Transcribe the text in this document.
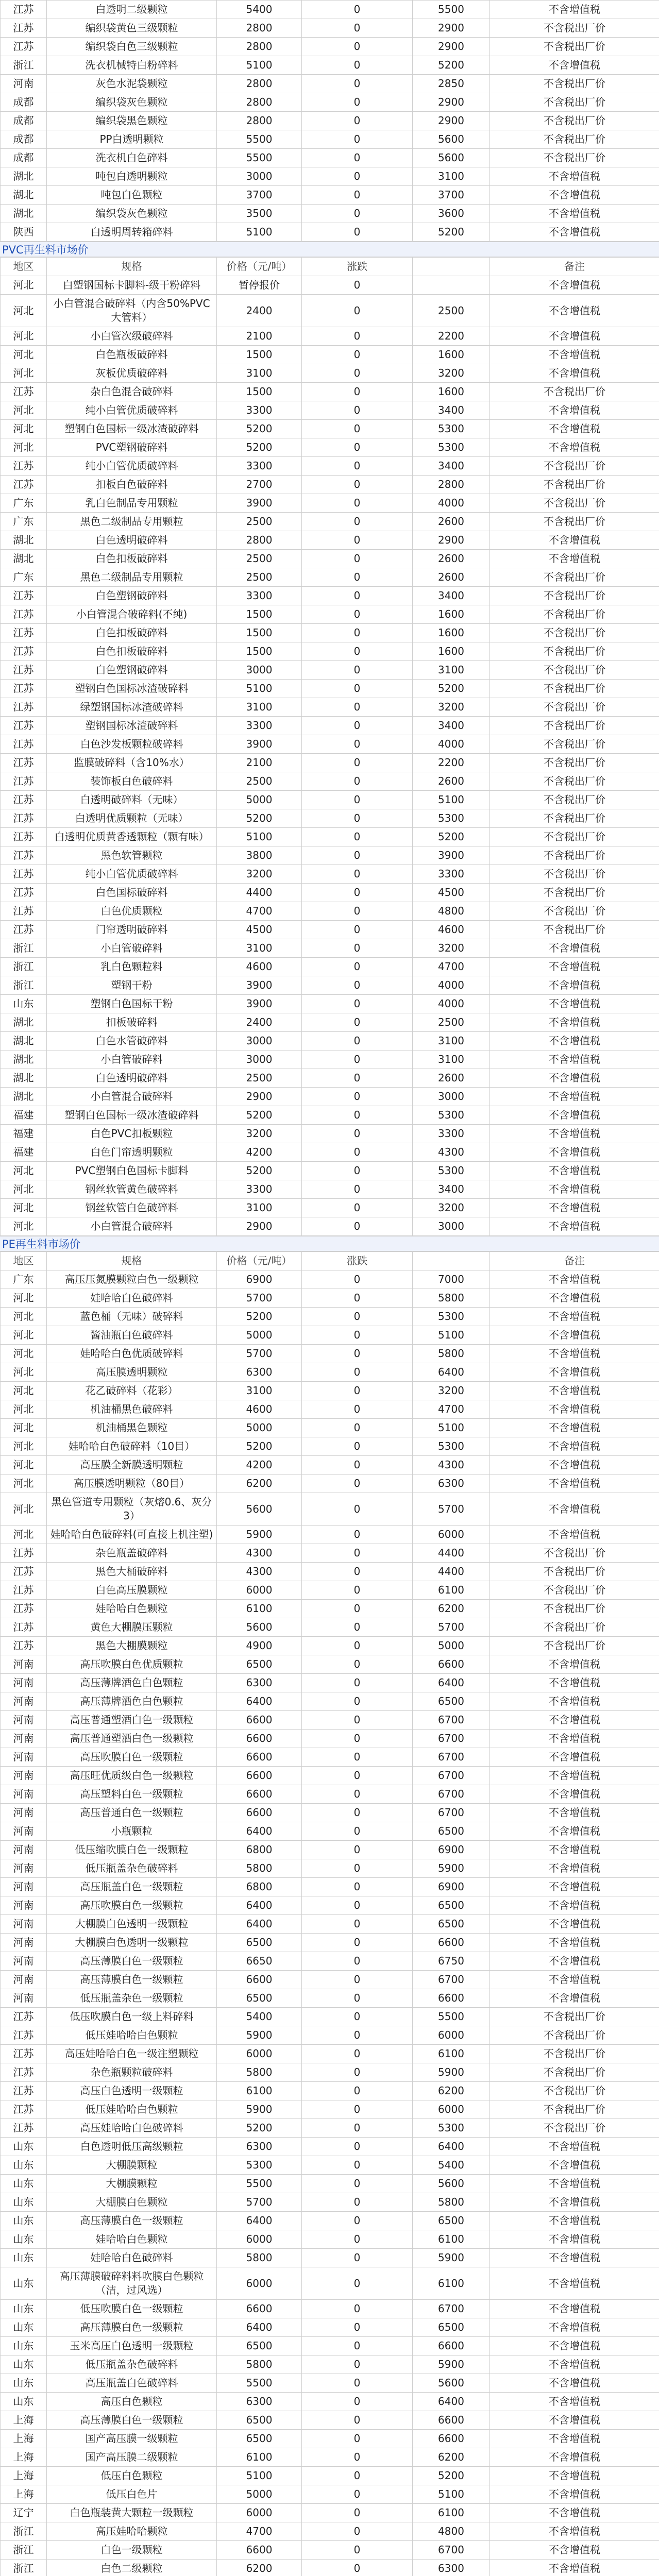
江苏	白透明二级颗粒	5400	0	5500	不含增值税
江苏	编织袋黄色三级颗粒	2800	0	2900	不含税出厂价
江苏	编织袋白色三级颗粒	2800	0	2900	不含税出厂价
浙江	洗衣机械特白粉碎料	5100	0	5200	不含增值税
河南	灰色水泥袋颗粒	2800	0	2850	不含税出厂价
成都	编织袋灰色颗粒	2800	0	2900	不含税出厂价
成都	编织袋黑色颗粒	2800	0	2900	不含税出厂价
成都	PP白透明颗粒	5500	0	5600	不含税出厂价
成都	洗衣机白色碎料	5500	0	5600	不含税出厂价
湖北	吨包白透明颗粒	3000	0	3100	不含增值税
湖北	吨包白色颗粒	3700	0	3700	不含增值税
湖北	编织袋灰色颗粒	3500	0	3600	不含增值税
陕西	白透明周转箱碎料	5100	0	5200	不含增值税
PVC再生料市场价
地区	规格	价格（元/吨）	涨跌		备注
河北	白塑钢国标卡脚料-级干粉碎料	暂停报价	0		不含增值税
河北	小白管混合破碎料（内含50%PVC大管料）	2400	0	2500	不含增值税
河北	小白管次级破碎料	2100	0	2200	不含增值税
河北	白色瓶板破碎料	1500	0	1600	不含增值税
河北	灰板优质破碎料	3100	0	3200	不含增值税
江苏	杂白色混合破碎料	1500	0	1600	不含税出厂价
河北	纯小白管优质破碎料	3300	0	3400	不含增值税
河北	塑钢白色国标一级冰渣破碎料	5200	0	5300	不含增值税
河北	PVC塑钢破碎料	5200	0	5300	不含增值税
江苏	纯小白管优质破碎料	3300	0	3400	不含税出厂价
江苏	扣板白色破碎料	2700	0	2800	不含税出厂价
广东	乳白色制品专用颗粒	3900	0	4000	不含税出厂价
广东	黑色二级制品专用颗粒	2500	0	2600	不含税出厂价
湖北	白色透明破碎料	2800	0	2900	不含增值税
湖北	白色扣板破碎料	2500	0	2600	不含增值税
广东	黑色二级制品专用颗粒	2500	0	2600	不含税出厂价
江苏	白色塑钢破碎料	3300	0	3400	不含税出厂价
江苏	小白管混合破碎料(不纯)	1500	0	1600	不含税出厂价
江苏	白色扣板破碎料	1500	0	1600	不含税出厂价
江苏	白色扣板破碎料	1500	0	1600	不含税出厂价
江苏	白色塑钢破碎料	3000	0	3100	不含税出厂价
江苏	塑钢白色国标冰渣破碎料	5100	0	5200	不含税出厂价
江苏	绿塑钢国标冰渣破碎料	3100	0	3200	不含税出厂价
江苏	塑钢国标冰渣破碎料	3300	0	3400	不含税出厂价
江苏	白色沙发板颗粒破碎料	3900	0	4000	不含税出厂价
江苏	监膜破碎料（含10%水）	2100	0	2200	不含税出厂价
江苏	装饰板白色破碎料	2500	0	2600	不含税出厂价
江苏	白透明破碎料（无味）	5000	0	5100	不含税出厂价
江苏	白透明优质颗粒（无味）	5200	0	5300	不含税出厂价
江苏	白透明优质黄香透颗粒（颗有味）	5100	0	5200	不含税出厂价
江苏	黑色软管颗粒	3800	0	3900	不含税出厂价
江苏	纯小白管优质破碎料	3200	0	3300	不含税出厂价
江苏	白色国标破碎料	4400	0	4500	不含税出厂价
江苏	白色优质颗粒	4700	0	4800	不含税出厂价
江苏	门帘透明破碎料	4500	0	4600	不含税出厂价
浙江	小白管破碎料	3100	0	3200	不含增值税
浙江	乳白色颗粒料	4600	0	4700	不含增值税
浙江	塑钢干粉	3900	0	4000	不含增值税
山东	塑钢白色国标干粉	3900	0	4000	不含增值税
湖北	扣板破碎料	2400	0	2500	不含增值税
湖北	白色水管破碎料	3000	0	3100	不含增值税
湖北	小白管破碎料	3000	0	3100	不含增值税
湖北	白色透明破碎料	2500	0	2600	不含增值税
湖北	小白管混合破碎料	2900	0	3000	不含增值税
福建	塑钢白色国标一级冰渣破碎料	5200	0	5300	不含增值税
福建	白色PVC扣板颗粒	3200	0	3300	不含增值税
福建	白色门帘透明颗粒	4200	0	4300	不含增值税
河北	PVC塑钢白色国标卡脚料	5200	0	5300	不含增值税
河北	钢丝软管黄色破碎料	3300	0	3400	不含增值税
河北	钢丝软管白色破碎料	3100	0	3200	不含增值税
河北	小白管混合破碎料	2900	0	3000	不含增值税
PE再生料市场价
地区	规格	价格（元/吨）	涨跌		备注
广东	高压压氮膜颗粒白色一级颗粒	6900	0	7000	不含增值税
河北	娃哈哈白色破碎料	5700	0	5800	不含增值税
河北	蓝色桶（无味）破碎料	5200	0	5300	不含增值税
河北	酱油瓶白色破碎料	5000	0	5100	不含增值税
河北	娃哈哈白色优质破碎料	5700	0	5800	不含增值税
河北	高压膜透明颗粒	6300	0	6400	不含增值税
河北	花乙破碎料（花彩）	3100	0	3200	不含增值税
河北	机油桶黑色破碎料	4600	0	4700	不含增值税
河北	机油桶黑色颗粒	5000	0	5100	不含增值税
河北	娃哈哈白色破碎料（10目）	5200	0	5300	不含增值税
河北	高压膜全新膜透明颗粒	4200	0	4300	不含增值税
河北	高压膜透明颗粒（80目）	6200	0	6300	不含增值税
河北	黑色管道专用颗粒（灰熔0.6、灰分3）	5600	0	5700	不含增值税
河北	娃哈哈白色破碎料(可直接上机注塑)	5900	0	6000	不含增值税
江苏	杂色瓶盖破碎料	4300	0	4400	不含税出厂价
江苏	黑色大桶破碎料	4300	0	4400	不含税出厂价
江苏	白色高压膜颗粒	6000	0	6100	不含税出厂价
江苏	娃哈哈白色颗粒	6100	0	6200	不含税出厂价
江苏	黄色大棚膜压颗粒	5600	0	5700	不含税出厂价
江苏	黑色大棚膜颗粒	4900	0	5000	不含税出厂价
河南	高压吹膜白色优质颗粒	6500	0	6600	不含增值税
河南	高压薄牌酒色白色颗粒	6300	0	6400	不含增值税
河南	高压薄牌酒色白色颗粒	6400	0	6500	不含增值税
河南	高压普通塑酒白色一级颗粒	6600	0	6700	不含增值税
河南	高压普通塑酒白色一级颗粒	6600	0	6700	不含增值税
河南	高压吹膜白色一级颗粒	6600	0	6700	不含增值税
河南	高压旺优质级白色一级颗粒	6600	0	6700	不含增值税
河南	高压塑料白色一级颗粒	6600	0	6700	不含增值税
河南	高压普通白色一级颗粒	6600	0	6700	不含增值税
河南	小瓶颗粒	6400	0	6500	不含增值税
河南	低压缩吹膜白色一级颗粒	6800	0	6900	不含增值税
河南	低压瓶盖杂色破碎料	5800	0	5900	不含增值税
河南	高压瓶盖白色一级颗粒	6800	0	6900	不含增值税
河南	高压吹膜白色一级颗粒	6400	0	6500	不含增值税
河南	大棚膜白色透明一级颗粒	6400	0	6500	不含增值税
河南	大棚膜白色透明一级颗粒	6500	0	6600	不含增值税
河南	高压薄膜白色一级颗粒	6650	0	6750	不含增值税
河南	高压薄膜白色一级颗粒	6600	0	6700	不含增值税
河南	低压瓶盖杂色一级颗粒	6500	0	6600	不含增值税
江苏	低压吹膜白色一级上料碎料	5400	0	5500	不含税出厂价
江苏	低压娃哈哈白色颗粒	5900	0	6000	不含税出厂价
江苏	高压娃哈哈白色一级注塑颗粒	6000	0	6100	不含税出厂价
江苏	杂色瓶颗粒破碎料	5800	0	5900	不含税出厂价
江苏	高压白色透明一级颗粒	6100	0	6200	不含税出厂价
江苏	低压娃哈哈白色颗粒	5900	0	6000	不含税出厂价
江苏	高压娃哈哈白色破碎料	5200	0	5300	不含税出厂价
山东	白色透明低压高级颗粒	6300	0	6400	不含增值税
山东	大棚膜颗粒	5300	0	5400	不含增值税
山东	大棚膜颗粒	5500	0	5600	不含增值税
山东	大棚膜白色颗粒	5700	0	5800	不含增值税
山东	高压薄膜白色一级颗粒	6400	0	6500	不含增值税
山东	娃哈哈白色颗粒	6000	0	6100	不含增值税
山东	娃哈哈白色破碎料	5800	0	5900	不含增值税
山东	高压薄膜破碎料料吹膜白色颗粒（洁，过风选）	6000	0	6100	不含增值税
山东	低压吹膜白色一级颗粒	6600	0	6700	不含增值税
山东	高压薄膜白色一级颗粒	6400	0	6500	不含增值税
山东	玉米高压白色透明一级颗粒	6500	0	6600	不含增值税
山东	低压瓶盖杂色破碎料	5800	0	5900	不含增值税
山东	高压瓶盖白色破碎料	5500	0	5600	不含增值税
山东	高压白色颗粒	6300	0	6400	不含增值税
上海	高压薄膜白色一级颗粒	6500	0	6600	不含增值税
上海	国产高压膜一级颗粒	6500	0	6600	不含增值税
上海	国产高压膜二级颗粒	6100	0	6200	不含增值税
上海	低压白色颗粒	5100	0	5200	不含增值税
上海	低压白色片	5000	0	5100	不含增值税
辽宁	白色瓶装黄大颗粒一级颗粒	6000	0	6100	不含增值税
浙江	高压娃哈哈颗粒	4700	0	4800	不含增值税
浙江	白色一级颗粒	6600	0	6700	不含增值税
浙江	白色二级颗粒	6200	0	6300	不含增值税
